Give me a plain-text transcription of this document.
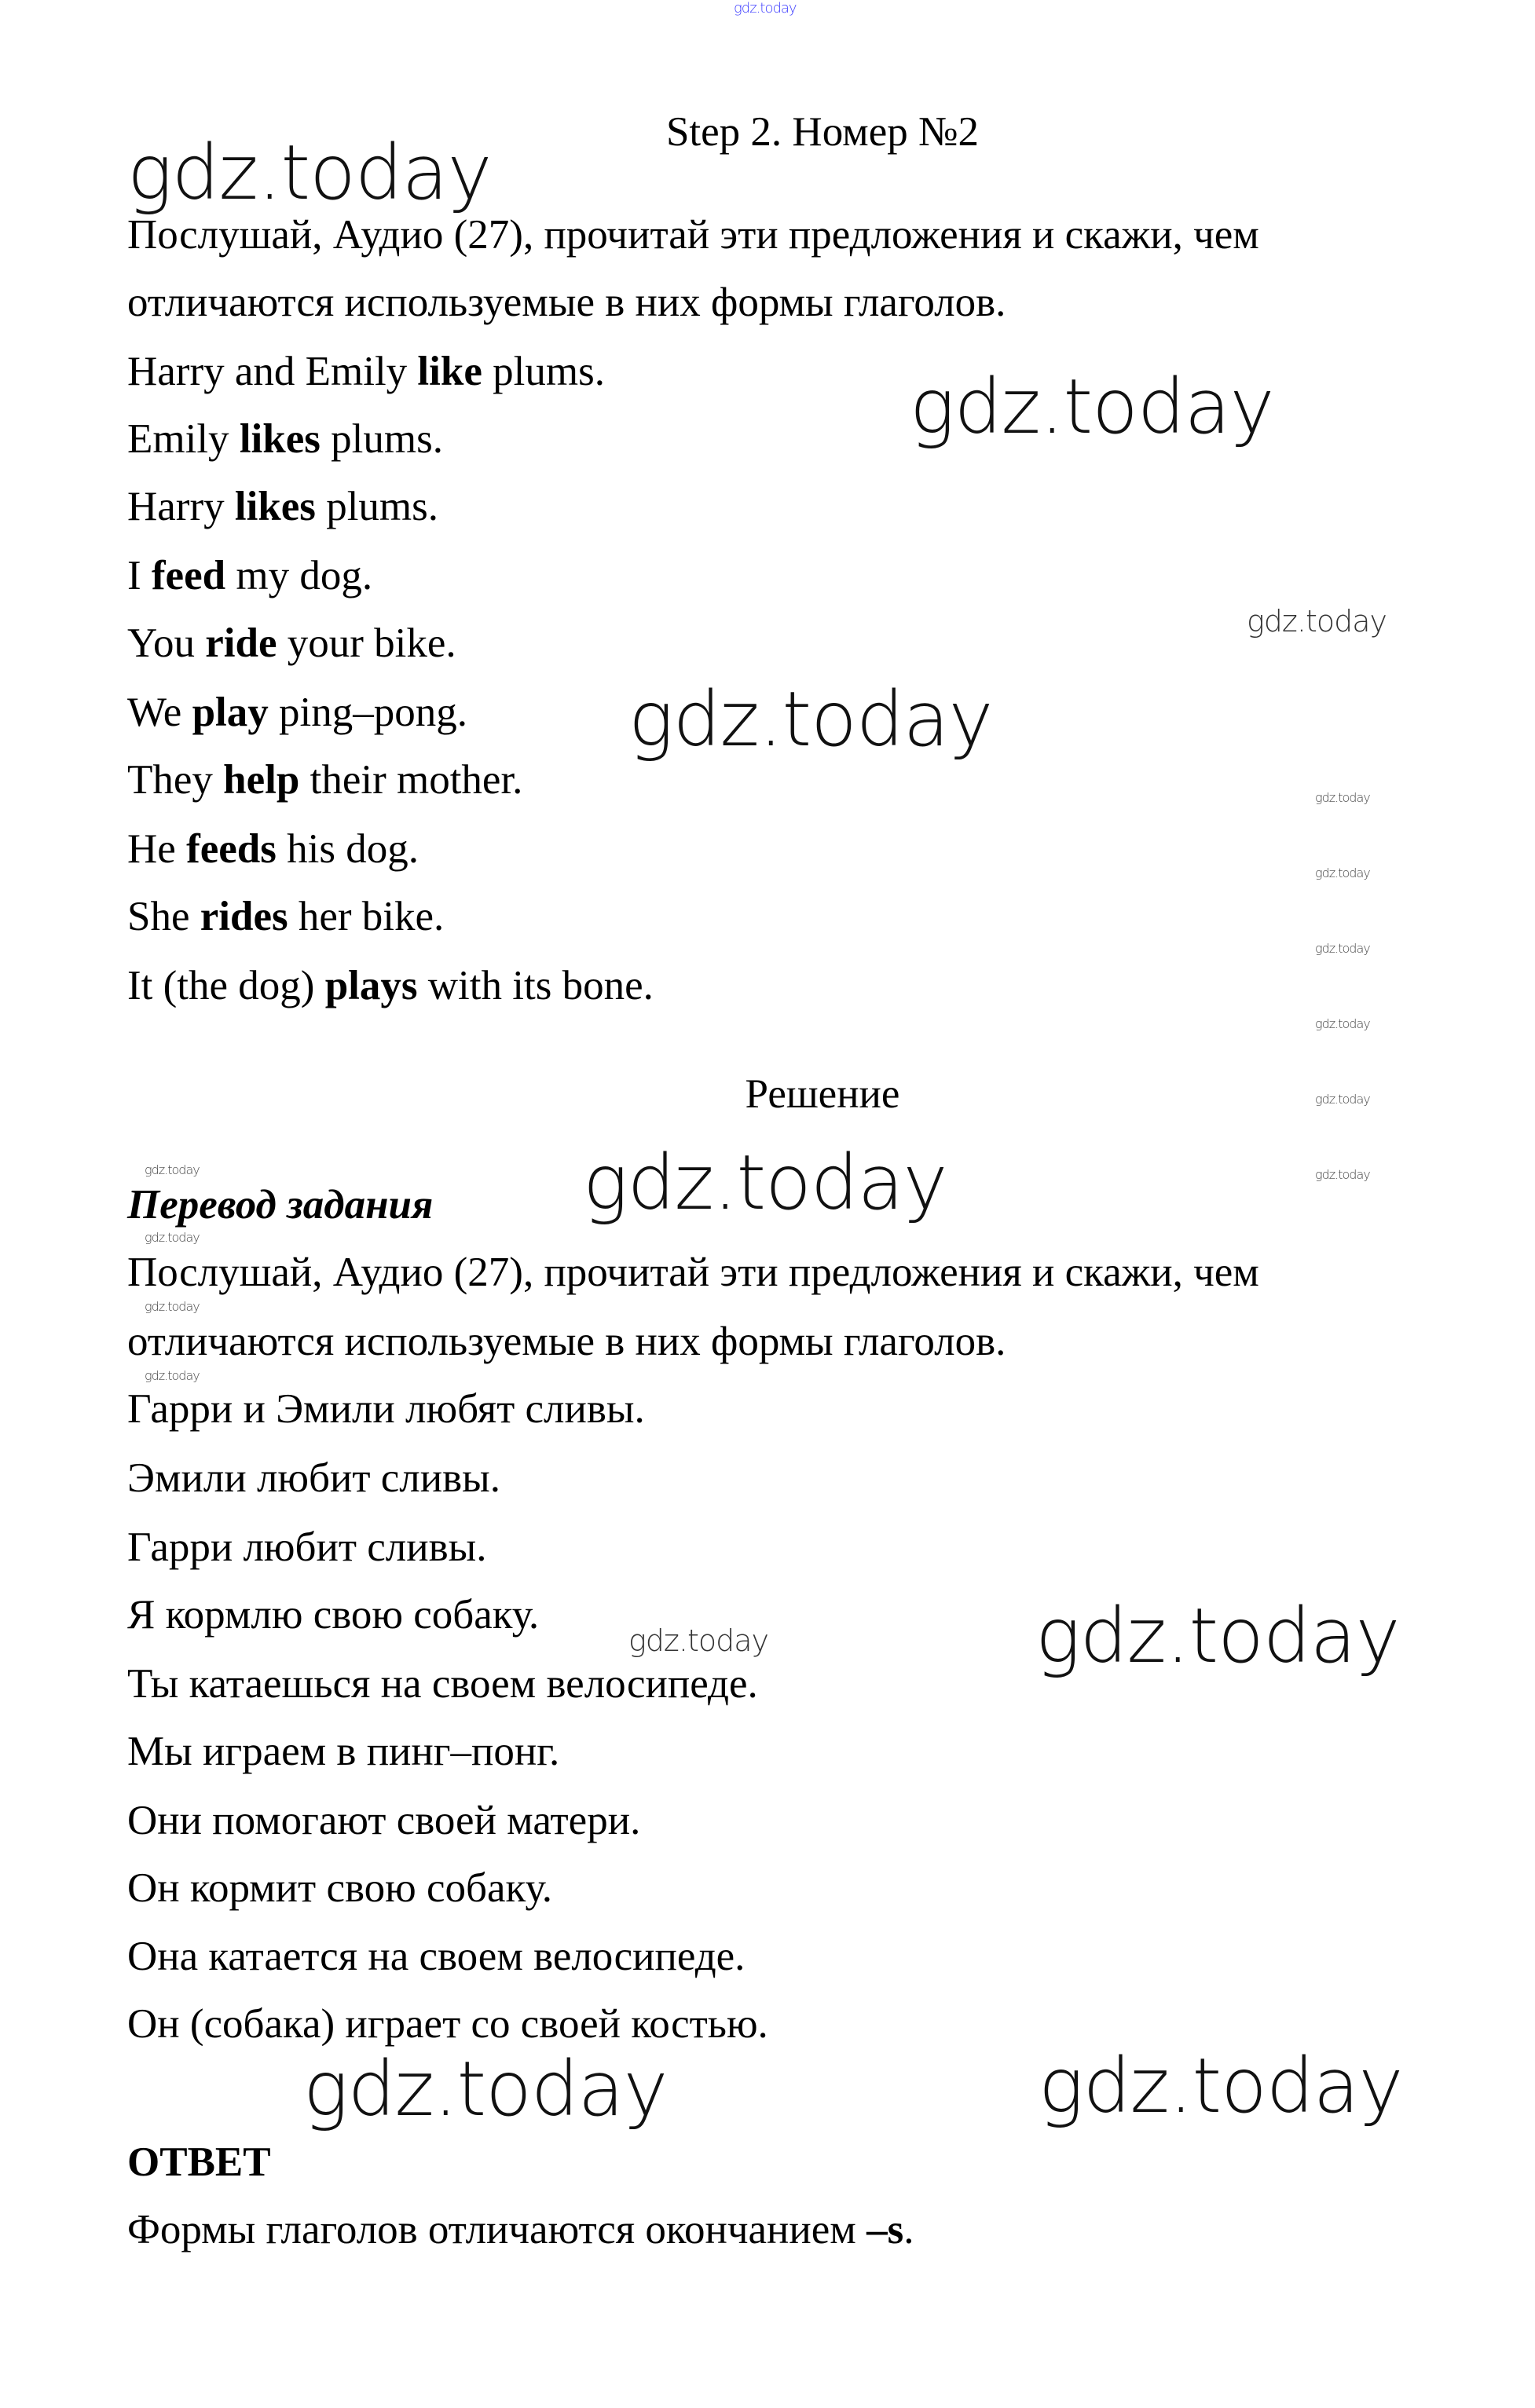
gdz.today
Step 2. Номер №2
Послушай, Аудио (27), прочитай эти предложения и скажи, чем
отличаются используемые в них формы глаголов.
Harry and Emily like plums.
Emily likes plums.
Harry likes plums.
I feed my dog.
You ride your bike.
We play ping–pong.
They help their mother.
He feeds his dog.
She rides her bike.
It (the dog) plays with its bone.
Решение
Перевод задания
Послушай, Аудио (27), прочитай эти предложения и скажи, чем
отличаются используемые в них формы глаголов.
Гарри и Эмили любят сливы.
Эмили любит сливы.
Гарри любит сливы.
Я кормлю свою собаку.
Ты катаешься на своем велосипеде.
Мы играем в пинг–понг.
Они помогают своей матери.
Он кормит свою собаку.
Она катается на своем велосипеде.
Он (собака) играет со своей костью.
ОТВЕТ
Формы глаголов отличаются окончанием –s.
gdz.today
gdz.today
gdz.today
gdz.today
gdz.today
gdz.today	gdz.today
gdz.today
gdz.today
gdz.today
gdz.today
gdz.today
gdz.today
gdz.today
gdz.today
gdz.today
gdz.today
gdz.today
gdz.today
